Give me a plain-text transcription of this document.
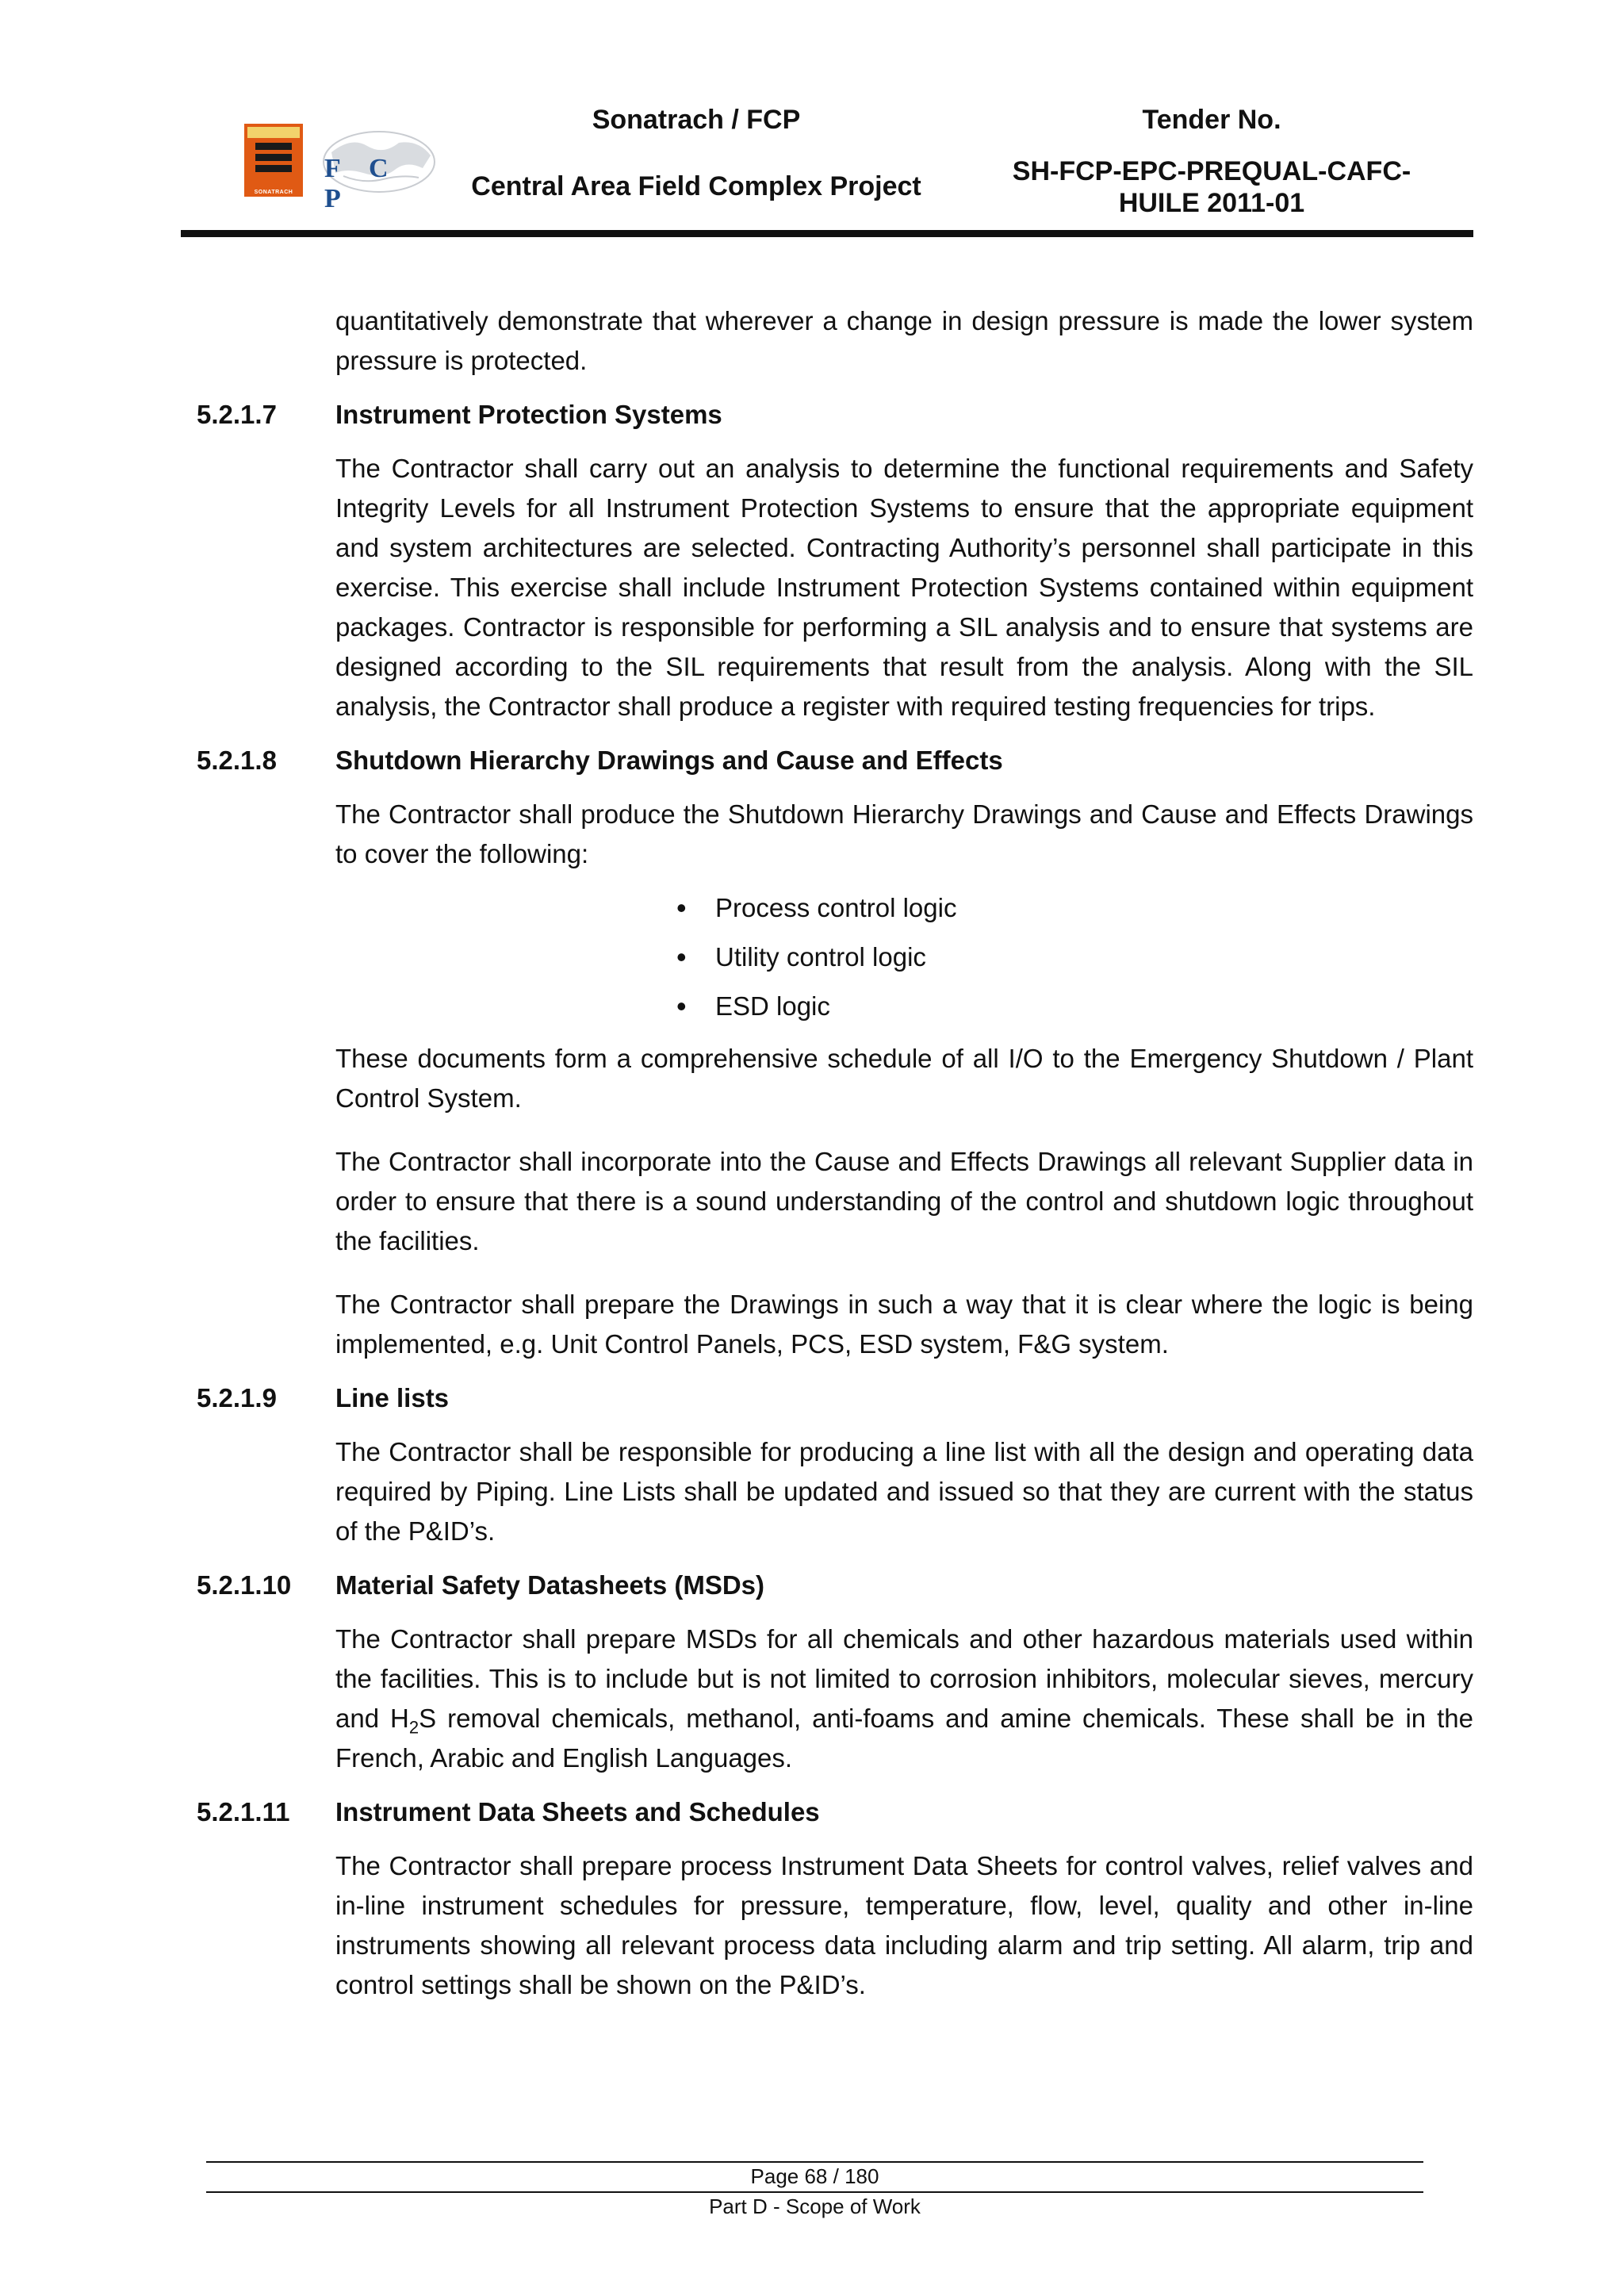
SONATRACH
F C P
Sonatrach / FCP
Central Area Field Complex Project
Tender No.
SH-FCP-EPC-PREQUAL-CAFC-
HUILE 2011-01

quantitatively demonstrate that wherever a change in design pressure is made the lower system pressure is protected.

5.2.1.7	Instrument Protection Systems

The Contractor shall carry out an analysis to determine the functional requirements and Safety Integrity Levels for all Instrument Protection Systems to ensure that the appropriate equipment and system architectures are selected. Contracting Authority’s personnel shall participate in this exercise. This exercise shall include Instrument Protection Systems contained within equipment packages. Contractor is responsible for performing a SIL analysis and to ensure that systems are designed according to the SIL requirements that result from the analysis. Along with the SIL analysis, the Contractor shall produce a register with required testing frequencies for trips.

5.2.1.8	Shutdown Hierarchy Drawings and Cause and Effects

The Contractor shall produce the Shutdown Hierarchy Drawings and Cause and Effects Drawings to cover the following:

• Process control logic
• Utility control logic
• ESD logic

These documents form a comprehensive schedule of all I/O to the Emergency Shutdown / Plant Control System.

The Contractor shall incorporate into the Cause and Effects Drawings all relevant Supplier data in order to ensure that there is a sound understanding of the control and shutdown logic throughout the facilities.

The Contractor shall prepare the Drawings in such a way that it is clear where the logic is being implemented, e.g. Unit Control Panels, PCS, ESD system, F&G system.

5.2.1.9	Line lists

The Contractor shall be responsible for producing a line list with all the design and operating data required by Piping. Line Lists shall be updated and issued so that they are current with the status of the P&ID’s.

5.2.1.10	Material Safety Datasheets (MSDs)

The Contractor shall prepare MSDs for all chemicals and other hazardous materials used within the facilities. This is to include but is not limited to corrosion inhibitors, molecular sieves, mercury and $H_2S$ removal chemicals, methanol, anti-foams and amine chemicals. These shall be in the French, Arabic and English Languages.

5.2.1.11	Instrument Data Sheets and Schedules

The Contractor shall prepare process Instrument Data Sheets for control valves, relief valves and in-line instrument schedules for pressure, temperature, flow, level, quality and other in-line instruments showing all relevant process data including alarm and trip setting. All alarm, trip and control settings shall be shown on the P&ID’s.

Page 68 / 180
Part D - Scope of Work
